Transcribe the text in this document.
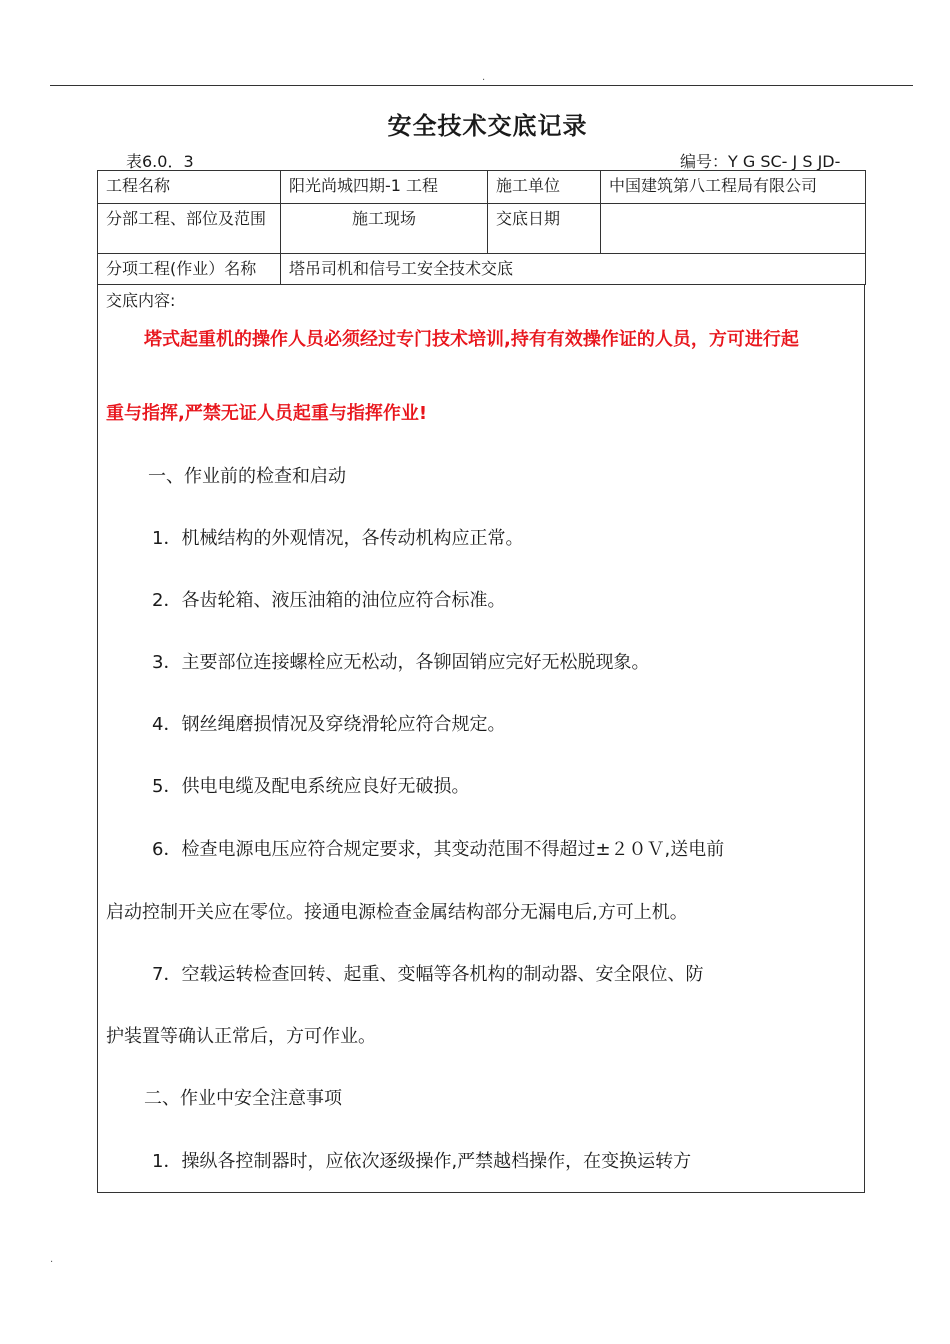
.
安全技术交底记录
表6.0．3	编号：Y G SC- J S JD-
工程名称	阳光尚城四期-1 工程	施工单位	中国建筑第八工程局有限公司
分部工程、部位及范围	施工现场	交底日期	
分项工程(作业）名称	塔吊司机和信号工安全技术交底		
交底内容:
塔式起重机的操作人员必须经过专门技术培训,持有有效操作证的人员，方可进行起
重与指挥,严禁无证人员起重与指挥作业!
一、作业前的检查和启动
1．机械结构的外观情况，各传动机构应正常。
2．各齿轮箱、液压油箱的油位应符合标准。
3．主要部位连接螺栓应无松动，各铆固销应完好无松脱现象。
4．钢丝绳磨损情况及穿绕滑轮应符合规定。
5．供电电缆及配电系统应良好无破损。
6．检查电源电压应符合规定要求，其变动范围不得超过±２０Ｖ,送电前
启动控制开关应在零位。接通电源检查金属结构部分无漏电后,方可上机。
7．空载运转检查回转、起重、变幅等各机构的制动器、安全限位、防
护装置等确认正常后，方可作业。
二、作业中安全注意事项
1．操纵各控制器时，应依次逐级操作,严禁越档操作，在变换运转方
.
